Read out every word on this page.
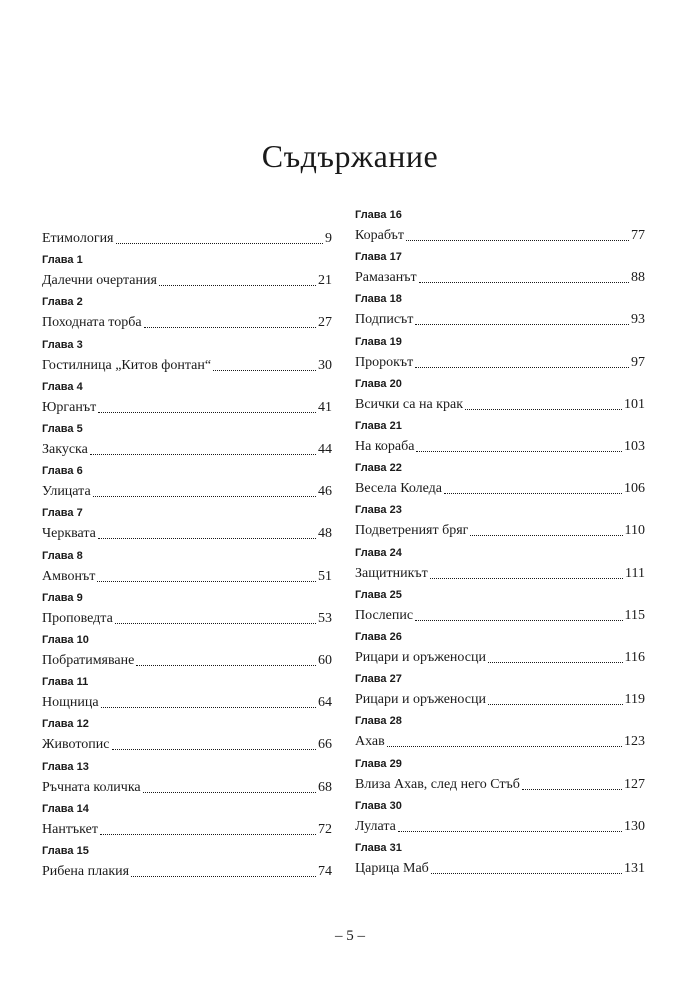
Съдържание
Етимология	9
Глава 1
Далечни очертания	21
Глава 2
Походната торба	27
Глава 3
Гостилница „Китов фонтан“	30
Глава 4
Юрганът	41
Глава 5
Закуска	44
Глава 6
Улицата	46
Глава 7
Черквата	48
Глава 8
Амвонът	51
Глава 9
Проповедта	53
Глава 10
Побратимяване	60
Глава 11
Нощница	64
Глава 12
Животопис	66
Глава 13
Ръчната количка	68
Глава 14
Нантъкет	72
Глава 15
Рибена плакия	74
Глава 16
Корабът	77
Глава 17
Рамазанът	88
Глава 18
Подписът	93
Глава 19
Пророкът	97
Глава 20
Всички са на крак	101
Глава 21
На кораба	103
Глава 22
Весела Коледа	106
Глава 23
Подветреният бряг	110
Глава 24
Защитникът	111
Глава 25
Послепис	115
Глава 26
Рицари и оръженосци	116
Глава 27
Рицари и оръженосци	119
Глава 28
Ахав	123
Глава 29
Влиза Ахав, след него Стъб	127
Глава 30
Лулата	130
Глава 31
Царица Маб	131
– 5 –
